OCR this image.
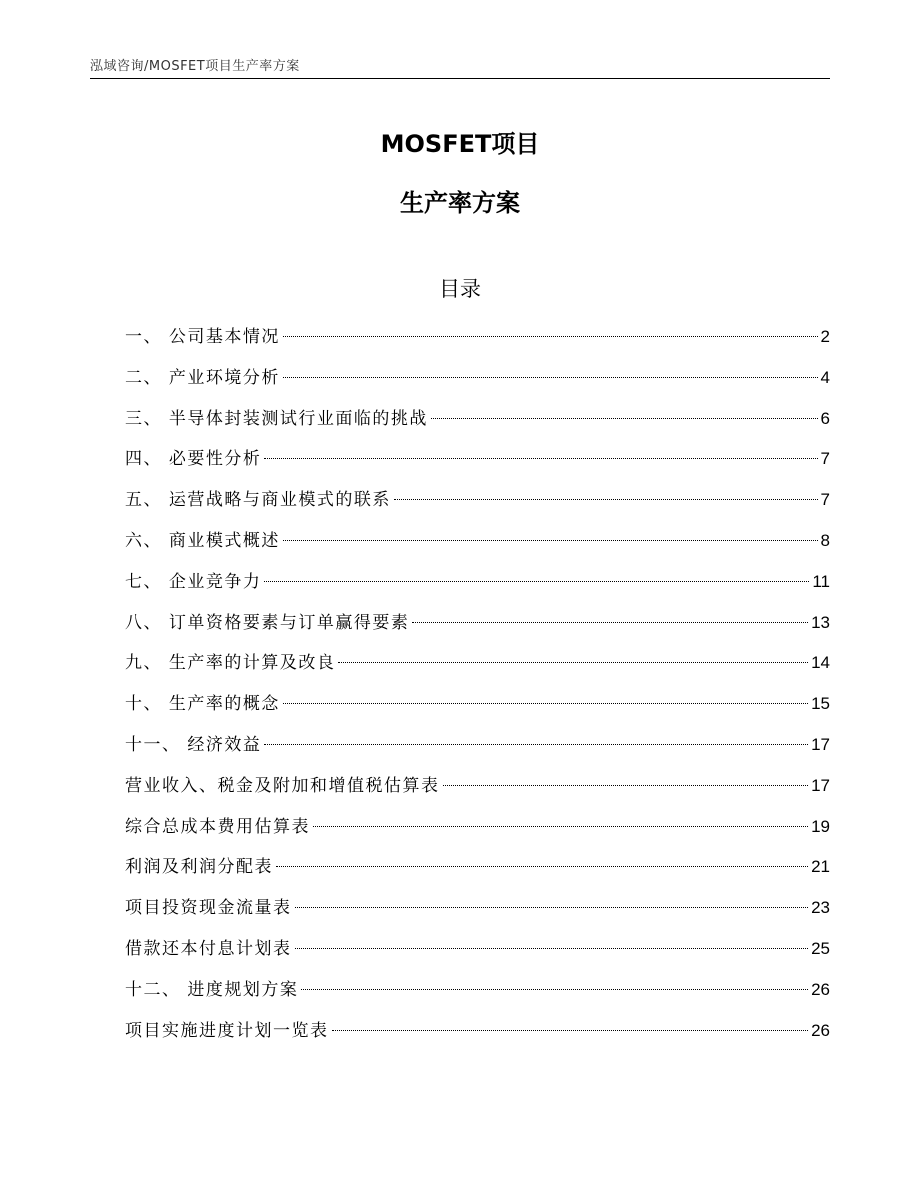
泓域咨询/MOSFET项目生产率方案
MOSFET项目
生产率方案
目录
一、 公司基本情况	2
二、 产业环境分析	4
三、 半导体封装测试行业面临的挑战	6
四、 必要性分析	7
五、 运营战略与商业模式的联系	7
六、 商业模式概述	8
七、 企业竞争力	11
八、 订单资格要素与订单赢得要素	13
九、 生产率的计算及改良	14
十、 生产率的概念	15
十一、 经济效益	17
营业收入、税金及附加和增值税估算表	17
综合总成本费用估算表	19
利润及利润分配表	21
项目投资现金流量表	23
借款还本付息计划表	25
十二、 进度规划方案	26
项目实施进度计划一览表	26
